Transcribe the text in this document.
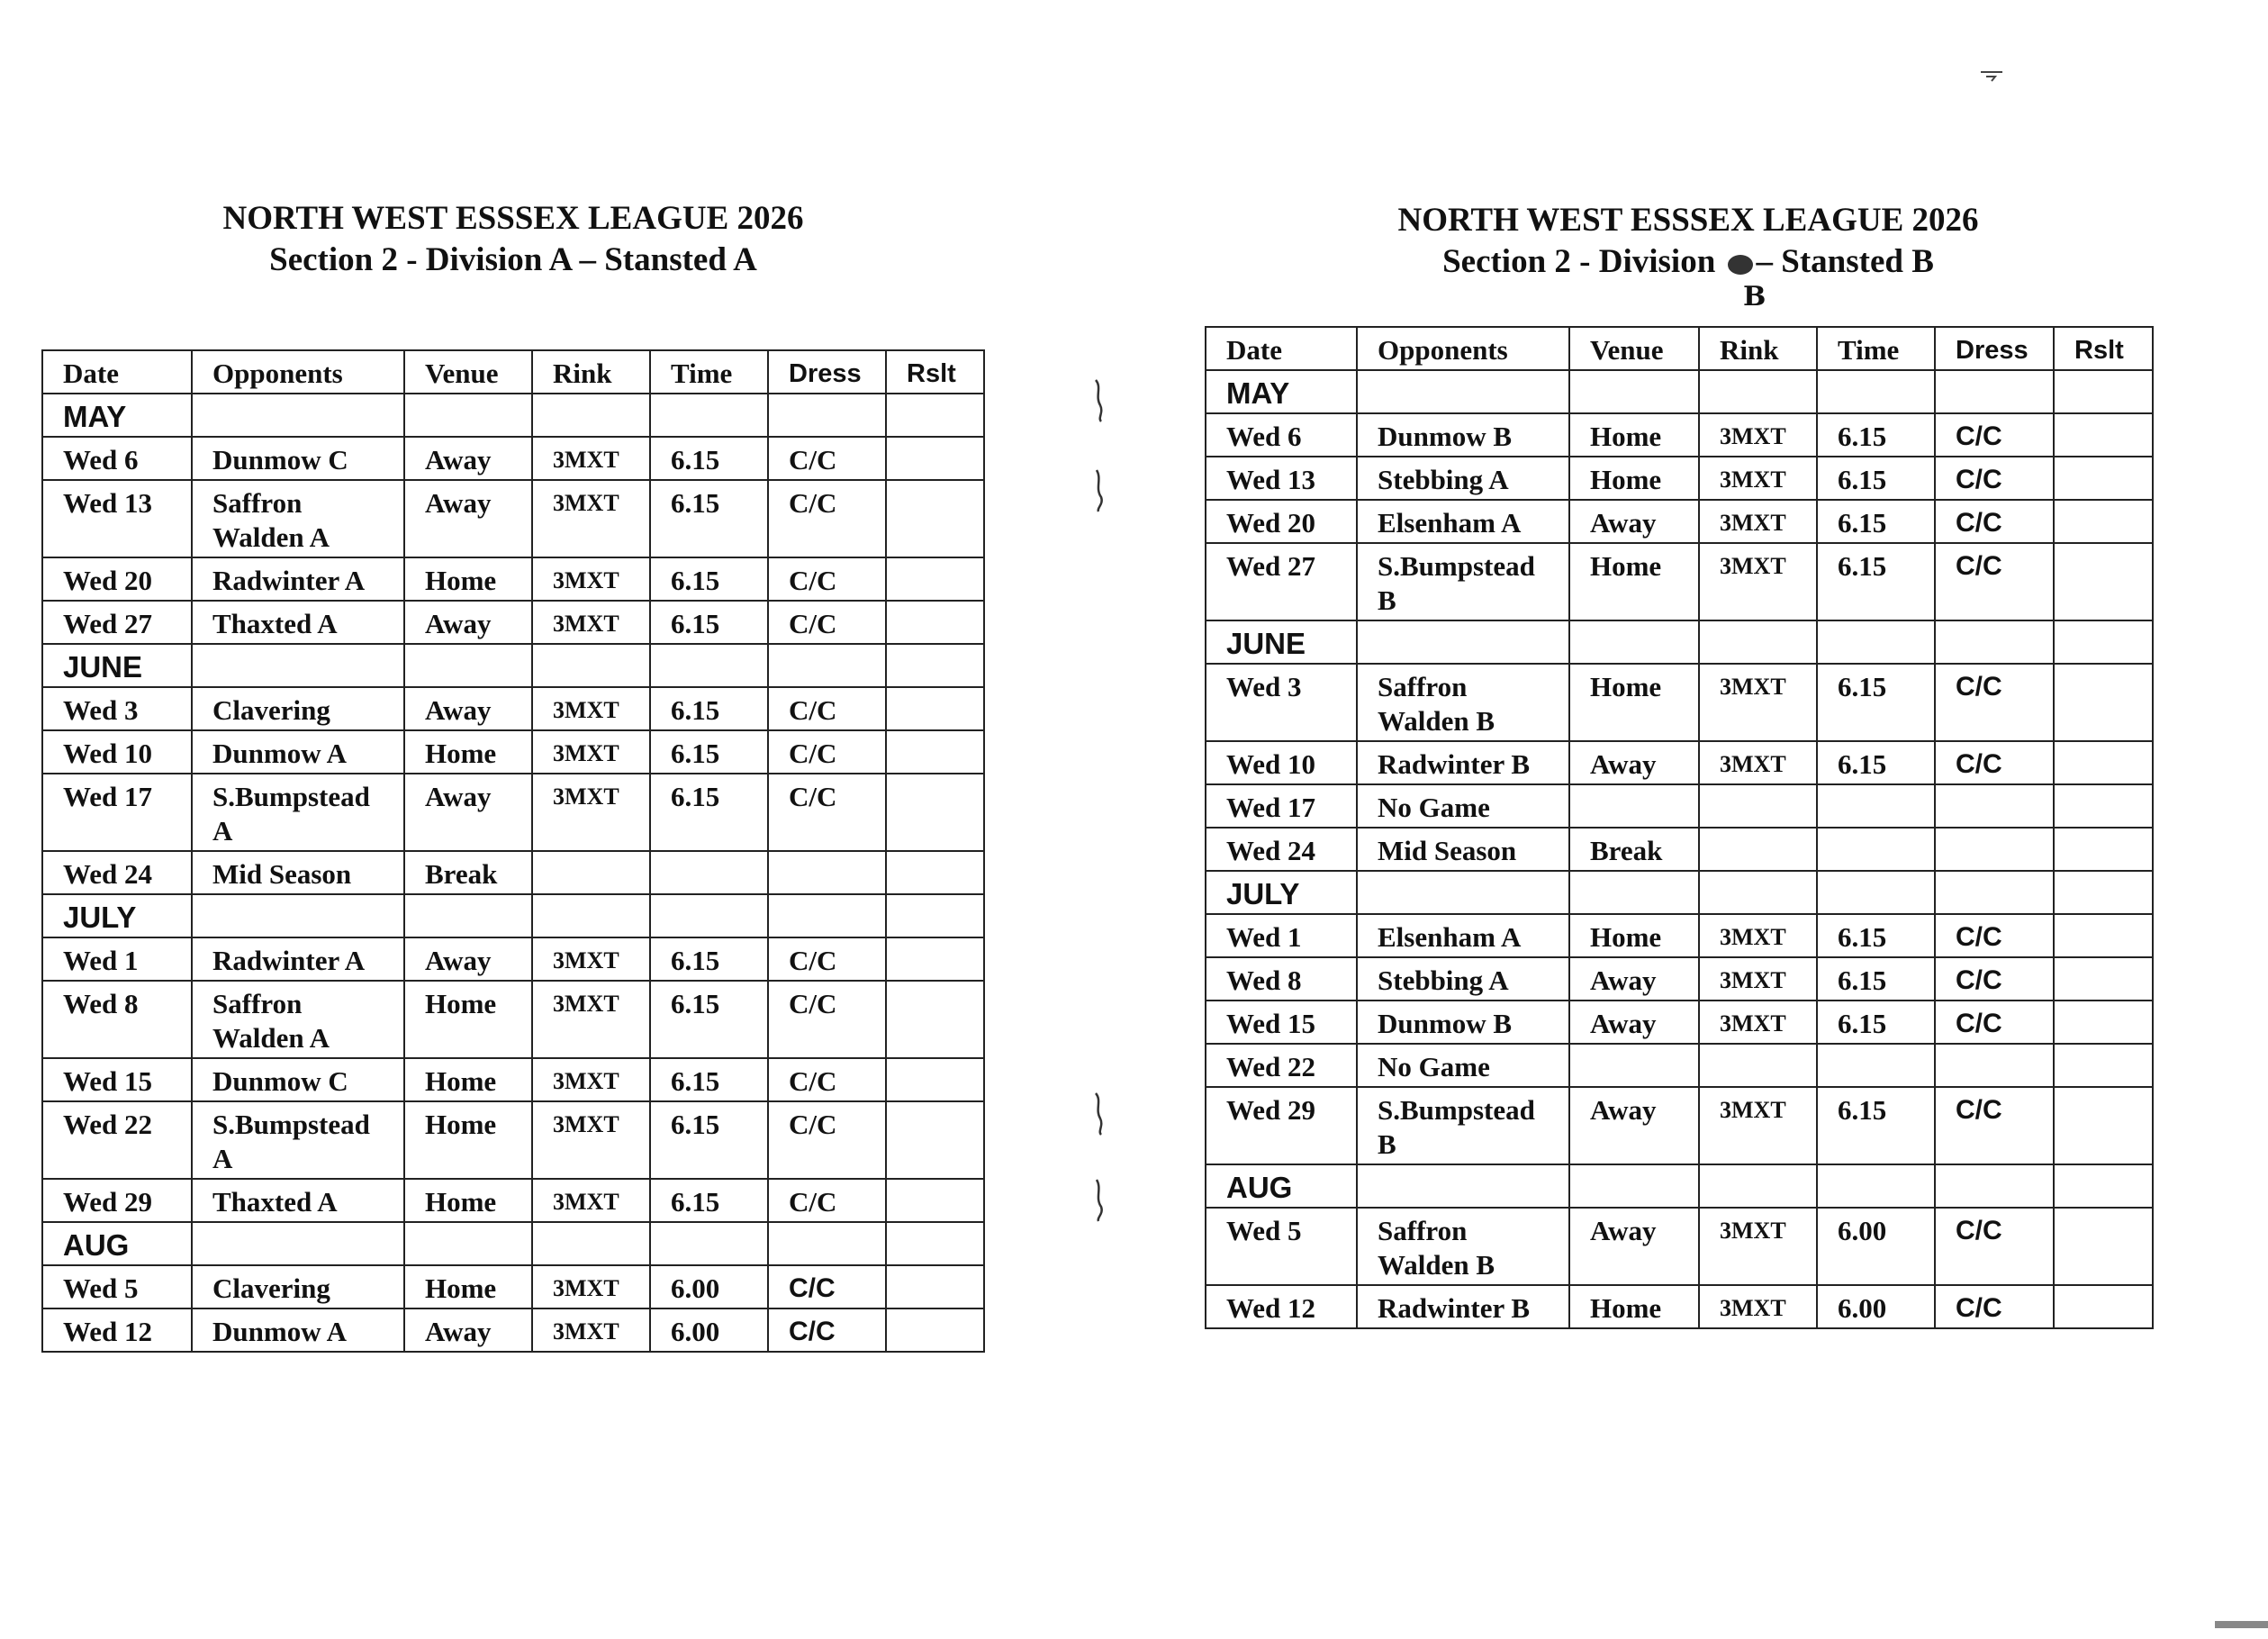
NORTH WEST ESSSEX LEAGUE 2026
Section 2 - Division A – Stansted A
Date	Opponents	Venue	Rink	Time	Dress	Rslt
MAY						
Wed 6	Dunmow C	Away	3MXT	6.15	C/C	
Wed 13	Saffron Walden A	Away	3MXT	6.15	C/C	
Wed 20	Radwinter A	Home	3MXT	6.15	C/C	
Wed 27	Thaxted A	Away	3MXT	6.15	C/C	
JUNE						
Wed 3	Clavering	Away	3MXT	6.15	C/C	
Wed 10	Dunmow A	Home	3MXT	6.15	C/C	
Wed 17	S.Bumpstead A	Away	3MXT	6.15	C/C	
Wed 24	Mid Season	Break				
JULY						
Wed 1	Radwinter A	Away	3MXT	6.15	C/C	
Wed 8	Saffron Walden A	Home	3MXT	6.15	C/C	
Wed 15	Dunmow C	Home	3MXT	6.15	C/C	
Wed 22	S.Bumpstead A	Home	3MXT	6.15	C/C	
Wed 29	Thaxted A	Home	3MXT	6.15	C/C	
AUG						
Wed 5	Clavering	Home	3MXT	6.00	C/C	
Wed 12	Dunmow A	Away	3MXT	6.00	C/C	
NORTH WEST ESSSEX LEAGUE 2026
Section 2 - Division – Stansted B
B
Date	Opponents	Venue	Rink	Time	Dress	Rslt
MAY						
Wed 6	Dunmow B	Home	3MXT	6.15	C/C	
Wed 13	Stebbing A	Home	3MXT	6.15	C/C	
Wed 20	Elsenham A	Away	3MXT	6.15	C/C	
Wed 27	S.Bumpstead B	Home	3MXT	6.15	C/C	
JUNE						
Wed 3	Saffron Walden B	Home	3MXT	6.15	C/C	
Wed 10	Radwinter B	Away	3MXT	6.15	C/C	
Wed 17	No Game					
Wed 24	Mid Season	Break				
JULY						
Wed 1	Elsenham A	Home	3MXT	6.15	C/C	
Wed 8	Stebbing A	Away	3MXT	6.15	C/C	
Wed 15	Dunmow B	Away	3MXT	6.15	C/C	
Wed 22	No Game					
Wed 29	S.Bumpstead B	Away	3MXT	6.15	C/C	
AUG						
Wed 5	Saffron Walden B	Away	3MXT	6.00	C/C	
Wed 12	Radwinter B	Home	3MXT	6.00	C/C	
